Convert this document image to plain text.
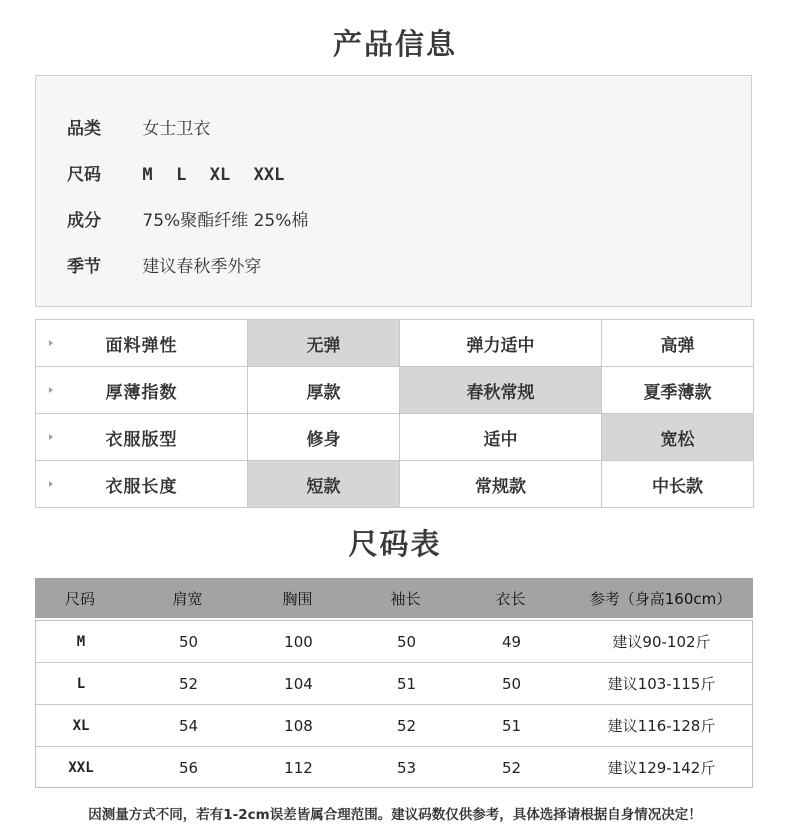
产品信息
品类 女士卫衣
尺码 M L XL XXL
成分 75%聚酯纤维 25%棉
季节 建议春秋季外穿
面料弹性	无弹	弹力适中	高弹

厚薄指数	厚款	春秋常规	夏季薄款

衣服版型	修身	适中	宽松

衣服长度	短款	常规款	中长款
尺码表
尺码	肩宽	胸围	袖长	衣长	参考（身高160cm）
M	50	100	50	49	建议90-102斤
L	52	104	51	50	建议103-115斤
XL	54	108	52	51	建议116-128斤
XXL	56	112	53	52	建议129-142斤
因测量方式不同，若有1-2cm误差皆属合理范围。建议码数仅供参考，具体选择请根据自身情况决定！
